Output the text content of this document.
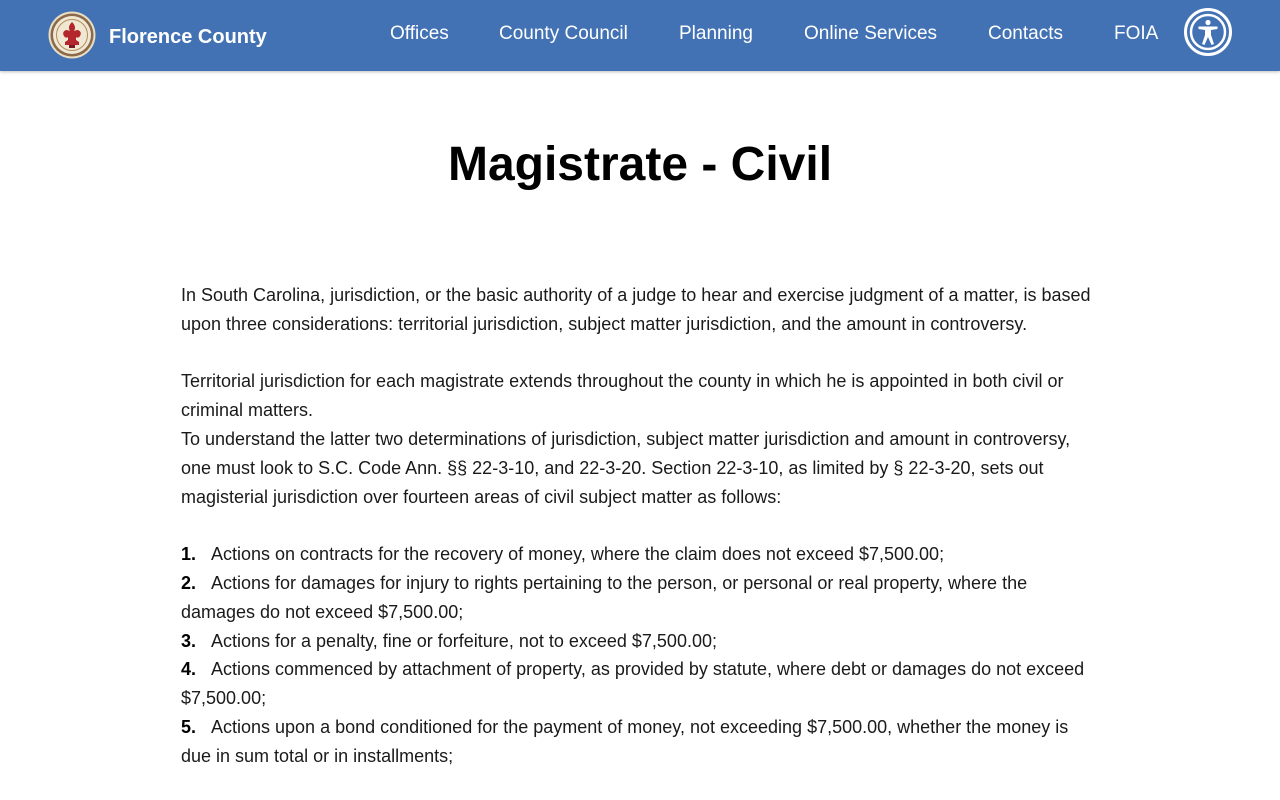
Florence County	Offices	County Council	Planning	Online Services	Contacts	FOIA
Magistrate - Civil

In South Carolina, jurisdiction, or the basic authority of a judge to hear and exercise judgment of a matter, is based upon three considerations: territorial jurisdiction, subject matter jurisdiction, and the amount in controversy.

Territorial jurisdiction for each magistrate extends throughout the county in which he is appointed in both civil or criminal matters.

To understand the latter two determinations of jurisdiction, subject matter jurisdiction and amount in controversy, one must look to S.C. Code Ann. §§ 22-3-10, and 22-3-20. Section 22-3-10, as limited by § 22-3-20, sets out magisterial jurisdiction over fourteen areas of civil subject matter as follows:

1. Actions on contracts for the recovery of money, where the claim does not exceed $7,500.00;

2. Actions for damages for injury to rights pertaining to the person, or personal or real property, where the damages do not exceed $7,500.00;

3. Actions for a penalty, fine or forfeiture, not to exceed $7,500.00;

4. Actions commenced by attachment of property, as provided by statute, where debt or damages do not exceed $7,500.00;

5. Actions upon a bond conditioned for the payment of money, not exceeding $7,500.00, whether the money is due in sum total or in installments;
